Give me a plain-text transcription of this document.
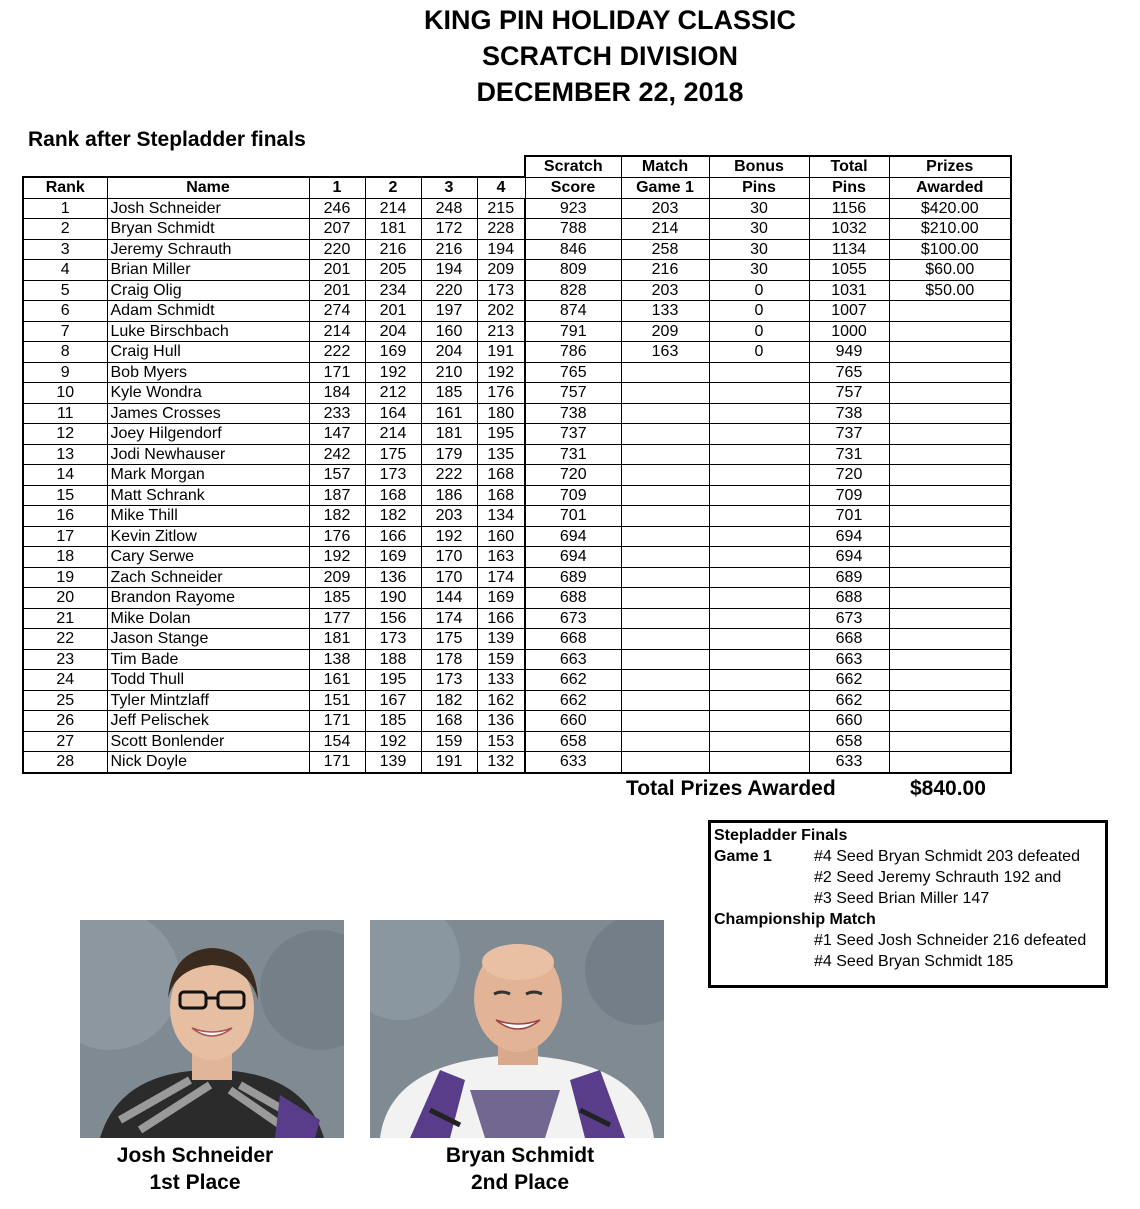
KING PIN HOLIDAY CLASSIC
SCRATCH DIVISION
DECEMBER 22, 2018
Rank after Stepladder finals
						Scratch	Match	Bonus	Total	Prizes
Rank	Name	1	2	3	4	Score	Game 1	Pins	Pins	Awarded
1	Josh Schneider	246	214	248	215	923	203	30	1156	$420.00
2	Bryan Schmidt	207	181	172	228	788	214	30	1032	$210.00
3	Jeremy Schrauth	220	216	216	194	846	258	30	1134	$100.00
4	Brian Miller	201	205	194	209	809	216	30	1055	$60.00
5	Craig Olig	201	234	220	173	828	203	0	1031	$50.00
6	Adam Schmidt	274	201	197	202	874	133	0	1007	
7	Luke Birschbach	214	204	160	213	791	209	0	1000	
8	Craig Hull	222	169	204	191	786	163	0	949	
9	Bob Myers	171	192	210	192	765			765	
10	Kyle Wondra	184	212	185	176	757			757	
11	James Crosses	233	164	161	180	738			738	
12	Joey Hilgendorf	147	214	181	195	737			737	
13	Jodi Newhauser	242	175	179	135	731			731	
14	Mark Morgan	157	173	222	168	720			720	
15	Matt Schrank	187	168	186	168	709			709	
16	Mike Thill	182	182	203	134	701			701	
17	Kevin Zitlow	176	166	192	160	694			694	
18	Cary Serwe	192	169	170	163	694			694	
19	Zach Schneider	209	136	170	174	689			689	
20	Brandon Rayome	185	190	144	169	688			688	
21	Mike Dolan	177	156	174	166	673			673	
22	Jason Stange	181	173	175	139	668			668	
23	Tim Bade	138	188	178	159	663			663	
24	Todd Thull	161	195	173	133	662			662	
25	Tyler Mintzlaff	151	167	182	162	662			662	
26	Jeff Pelischek	171	185	168	136	660			660	
27	Scott Bonlender	154	192	159	153	658			658	
28	Nick Doyle	171	139	191	132	633			633	
Total Prizes Awarded	$840.00
Stepladder Finals
Game 1	#4 Seed Bryan Schmidt 203 defeated
#2 Seed Jeremy Schrauth 192 and
#3 Seed Brian Miller 147
Championship Match
#1 Seed Josh Schneider 216 defeated
#4 Seed Bryan Schmidt 185
Josh Schneider
1st Place
Bryan Schmidt
2nd Place
